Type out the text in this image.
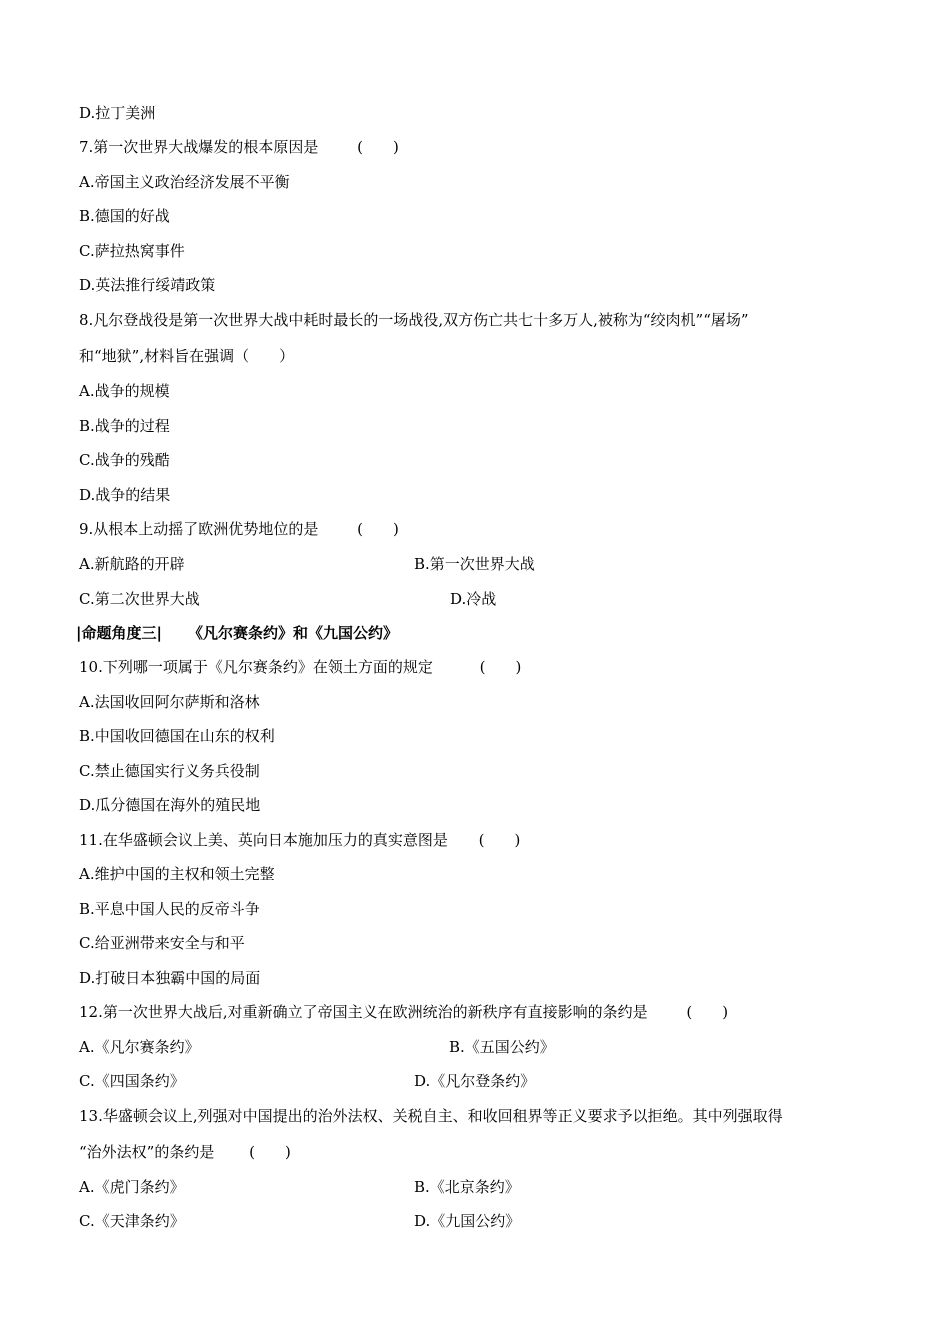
D.拉丁美洲
7.第一次世界大战爆发的根本原因是	(　　)
A.帝国主义政治经济发展不平衡
B.德国的好战
C.萨拉热窝事件
D.英法推行绥靖政策
8.凡尔登战役是第一次世界大战中耗时最长的一场战役,双方伤亡共七十多万人,被称为“绞肉机”“屠场”
和“地狱”,材料旨在强调（　　）
A.战争的规模
B.战争的过程
C.战争的残酷
D.战争的结果
9.从根本上动摇了欧洲优势地位的是	(　　)
A.新航路的开辟	B.第一次世界大战
C.第二次世界大战	D.冷战
|命题角度三| 《凡尔赛条约》和《九国公约》
10.下列哪一项属于《凡尔赛条约》在领土方面的规定	(　　)
A.法国收回阿尔萨斯和洛林
B.中国收回德国在山东的权利
C.禁止德国实行义务兵役制
D.瓜分德国在海外的殖民地
11.在华盛顿会议上美、英向日本施加压力的真实意图是 (　　)
A.维护中国的主权和领土完整
B.平息中国人民的反帝斗争
C.给亚洲带来安全与和平
D.打破日本独霸中国的局面
12.第一次世界大战后,对重新确立了帝国主义在欧洲统治的新秩序有直接影响的条约是	(　　)
A.《凡尔赛条约》	B.《五国公约》
C.《四国条约》	D.《凡尔登条约》
13.华盛顿会议上,列强对中国提出的治外法权、关税自主、和收回租界等正义要求予以拒绝。其中列强取得
“治外法权”的条约是 (　　)
A.《虎门条约》	B.《北京条约》
C.《天津条约》	D.《九国公约》
